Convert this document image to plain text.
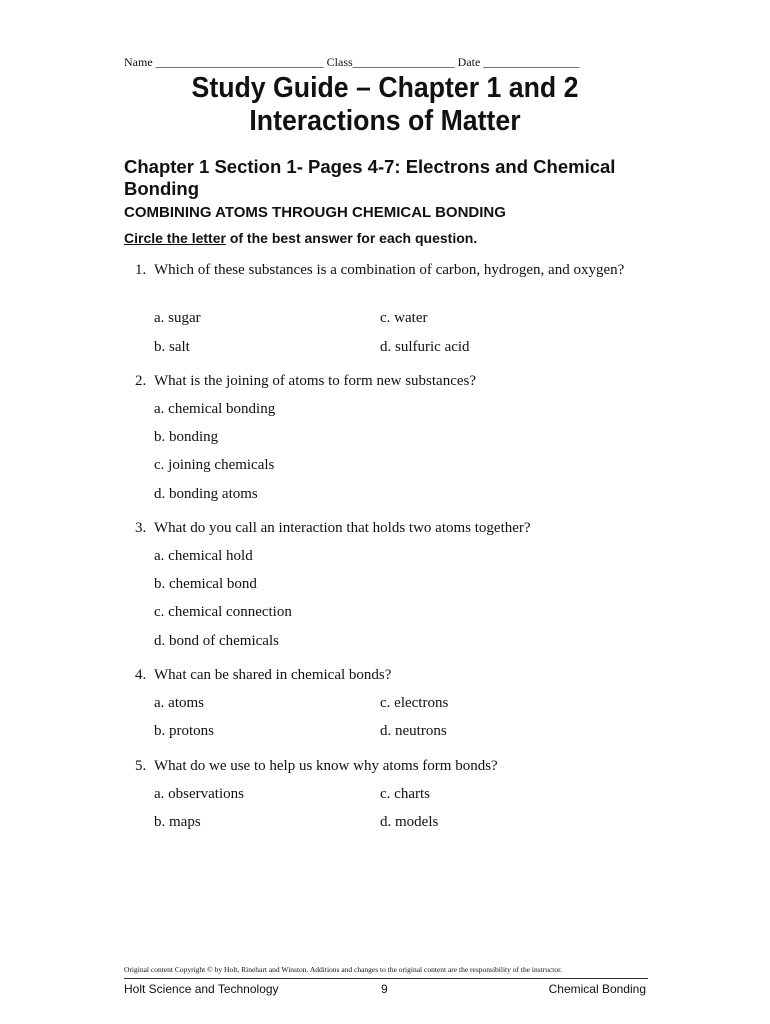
Name ____________________________ Class_________________ Date ________________
Study Guide – Chapter 1 and 2
Interactions of Matter
Chapter 1 Section 1- Pages 4-7: Electrons and Chemical Bonding
COMBINING ATOMS THROUGH CHEMICAL BONDING
Circle the letter of the best answer for each question.
1. Which of these substances is a combination of carbon, hydrogen, and oxygen?
a. sugar	c. water
b. salt	d. sulfuric acid
2. What is the joining of atoms to form new substances?
a. chemical bonding
b. bonding
c. joining chemicals
d. bonding atoms
3. What do you call an interaction that holds two atoms together?
a. chemical hold
b. chemical bond
c. chemical connection
d. bond of chemicals
4. What can be shared in chemical bonds?
a. atoms	c. electrons
b. protons	d. neutrons
5. What do we use to help us know why atoms form bonds?
a. observations	c. charts
b. maps	d. models
Original content Copyright © by Holt, Rinehart and Winston. Additions and changes to the original content are the responsibility of the instructor.
Holt Science and Technology	9	Chemical Bonding
